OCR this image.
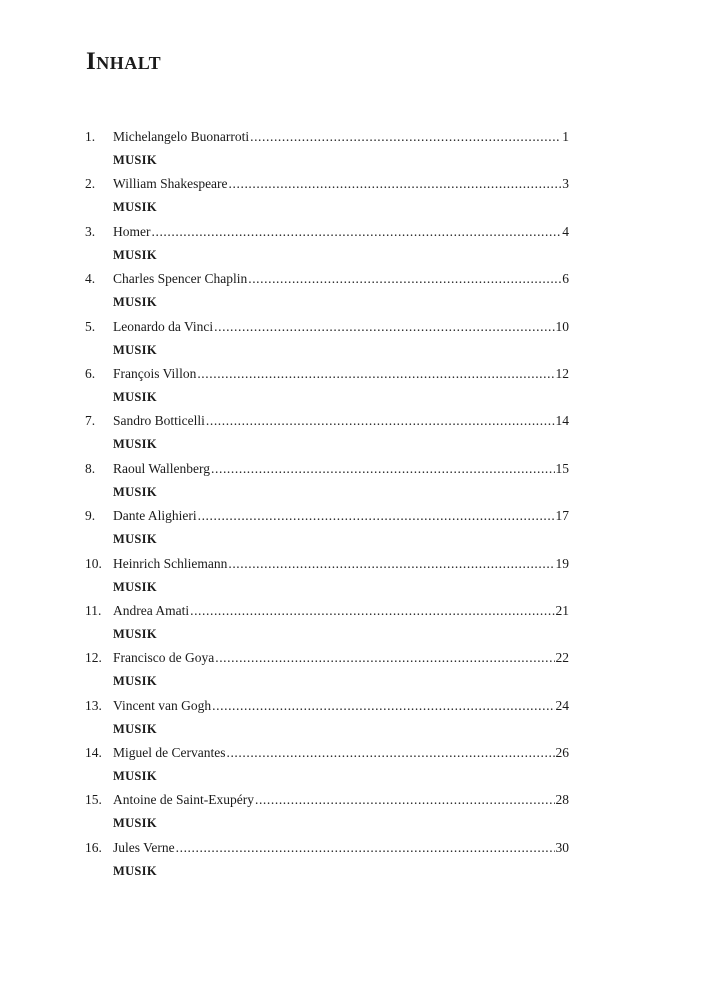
Inhalt
1.	Michelangelo Buonarroti .....	1
MUSIK
2.	William Shakespeare .....	3
MUSIK
3.	Homer .....	4
MUSIK
4.	Charles Spencer Chaplin .....	6
MUSIK
5.	Leonardo da Vinci .....	10
MUSIK
6.	François Villon .....	12
MUSIK
7.	Sandro Botticelli .....	14
MUSIK
8.	Raoul Wallenberg .....	15
MUSIK
9.	Dante Alighieri .....	17
MUSIK
10. Heinrich Schliemann .....	19
MUSIK
11. Andrea Amati .....	21
MUSIK
12. Francisco de Goya .....	22
MUSIK
13. Vincent van Gogh .....	24
MUSIK
14. Miguel de Cervantes .....	26
MUSIK
15. Antoine de Saint-Exupéry .....	28
MUSIK
16. Jules Verne .....	30
MUSIK
